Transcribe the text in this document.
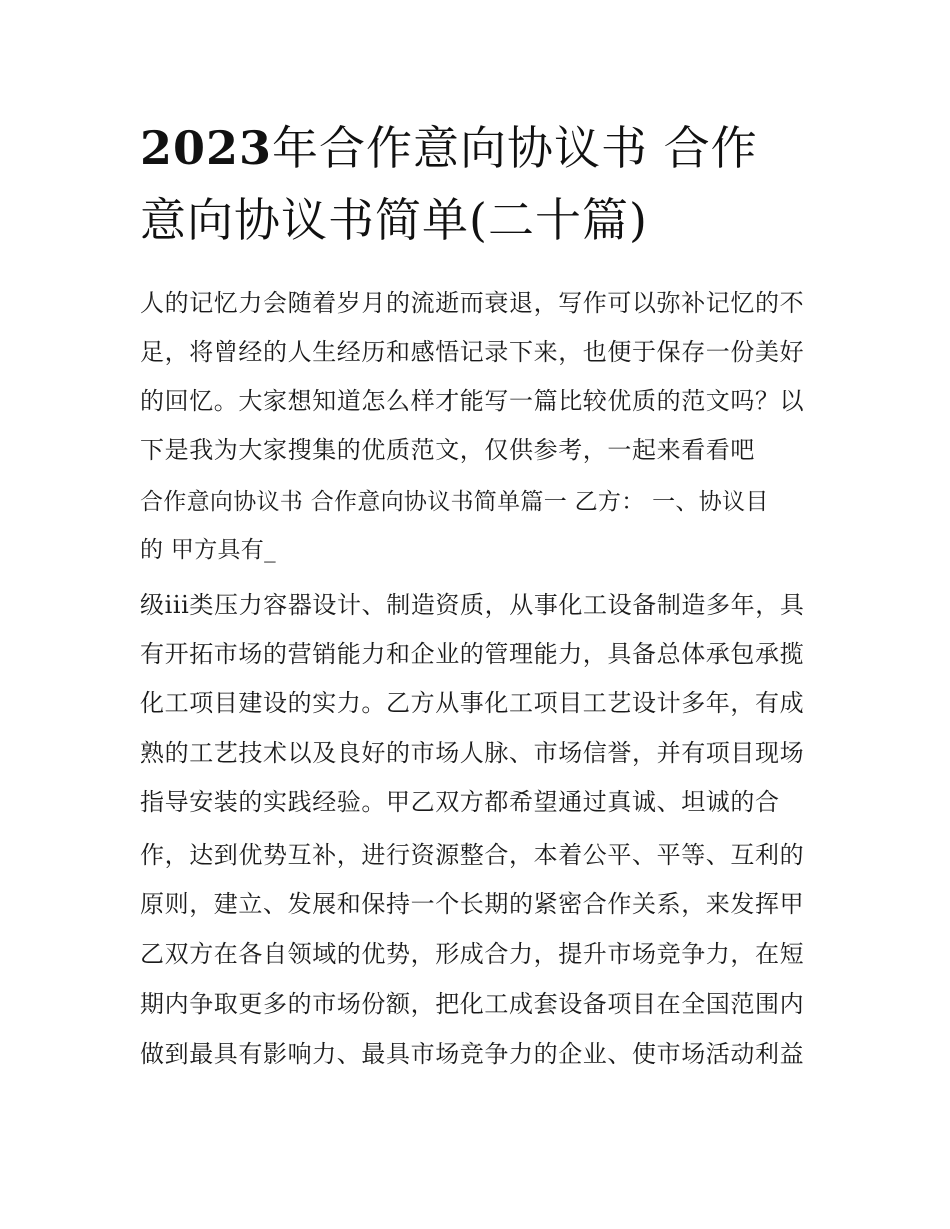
2023年合作意向协议书 合作
意向协议书简单(二十篇)

人的记忆力会随着岁月的流逝而衰退，写作可以弥补记忆的不

足，将曾经的人生经历和感悟记录下来，也便于保存一份美好

的回忆。大家想知道怎么样才能写一篇比较优质的范文吗？以

下是我为大家搜集的优质范文，仅供参考，一起来看看吧

合作意向协议书 合作意向协议书简单篇一 乙方： 一、协议目

的 甲方具有_

级iii类压力容器设计、制造资质，从事化工设备制造多年，具

有开拓市场的营销能力和企业的管理能力，具备总体承包承揽

化工项目建设的实力。乙方从事化工项目工艺设计多年，有成

熟的工艺技术以及良好的市场人脉、市场信誉，并有项目现场

指导安装的实践经验。甲乙双方都希望通过真诚、坦诚的合

作，达到优势互补，进行资源整合，本着公平、平等、互利的

原则，建立、发展和保持一个长期的紧密合作关系，来发挥甲

乙双方在各自领域的优势，形成合力，提升市场竞争力，在短

期内争取更多的市场份额，把化工成套设备项目在全国范围内

做到最具有影响力、最具市场竞争力的企业、使市场活动利益
